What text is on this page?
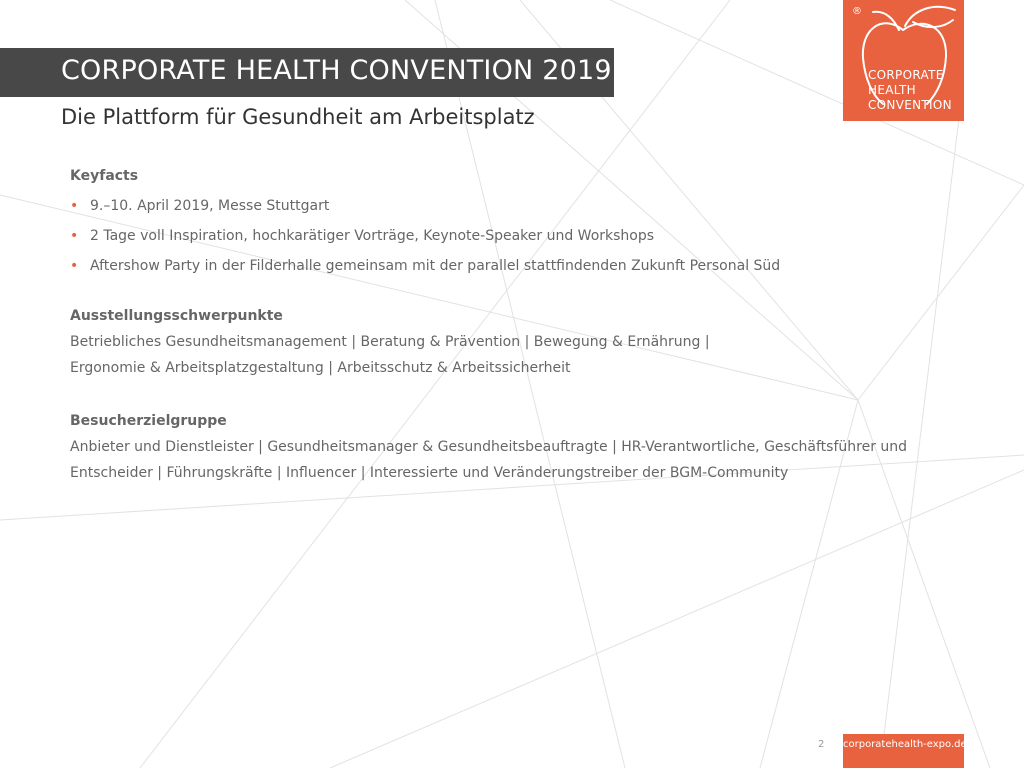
CORPORATE HEALTH CONVENTION 2019
Die Plattform für Gesundheit am Arbeitsplatz
®
CORPORATE
HEALTH
CONVENTION
Keyfacts
• 9.–10. April 2019, Messe Stuttgart
• 2 Tage voll Inspiration, hochkarätiger Vorträge, Keynote-Speaker und Workshops
• Aftershow Party in der Filderhalle gemeinsam mit der parallel stattfindenden Zukunft Personal Süd
Ausstellungsschwerpunkte
Betriebliches Gesundheitsmanagement | Beratung & Prävention | Bewegung & Ernährung |
Ergonomie & Arbeitsplatzgestaltung | Arbeitsschutz & Arbeitssicherheit
Besucherzielgruppe
Anbieter und Dienstleister | Gesundheitsmanager & Gesundheitsbeauftragte | HR-Verantwortliche, Geschäftsführer und
Entscheider | Führungskräfte | Influencer | Interessierte und Veränderungstreiber der BGM-Community
2 corporatehealth-expo.de
